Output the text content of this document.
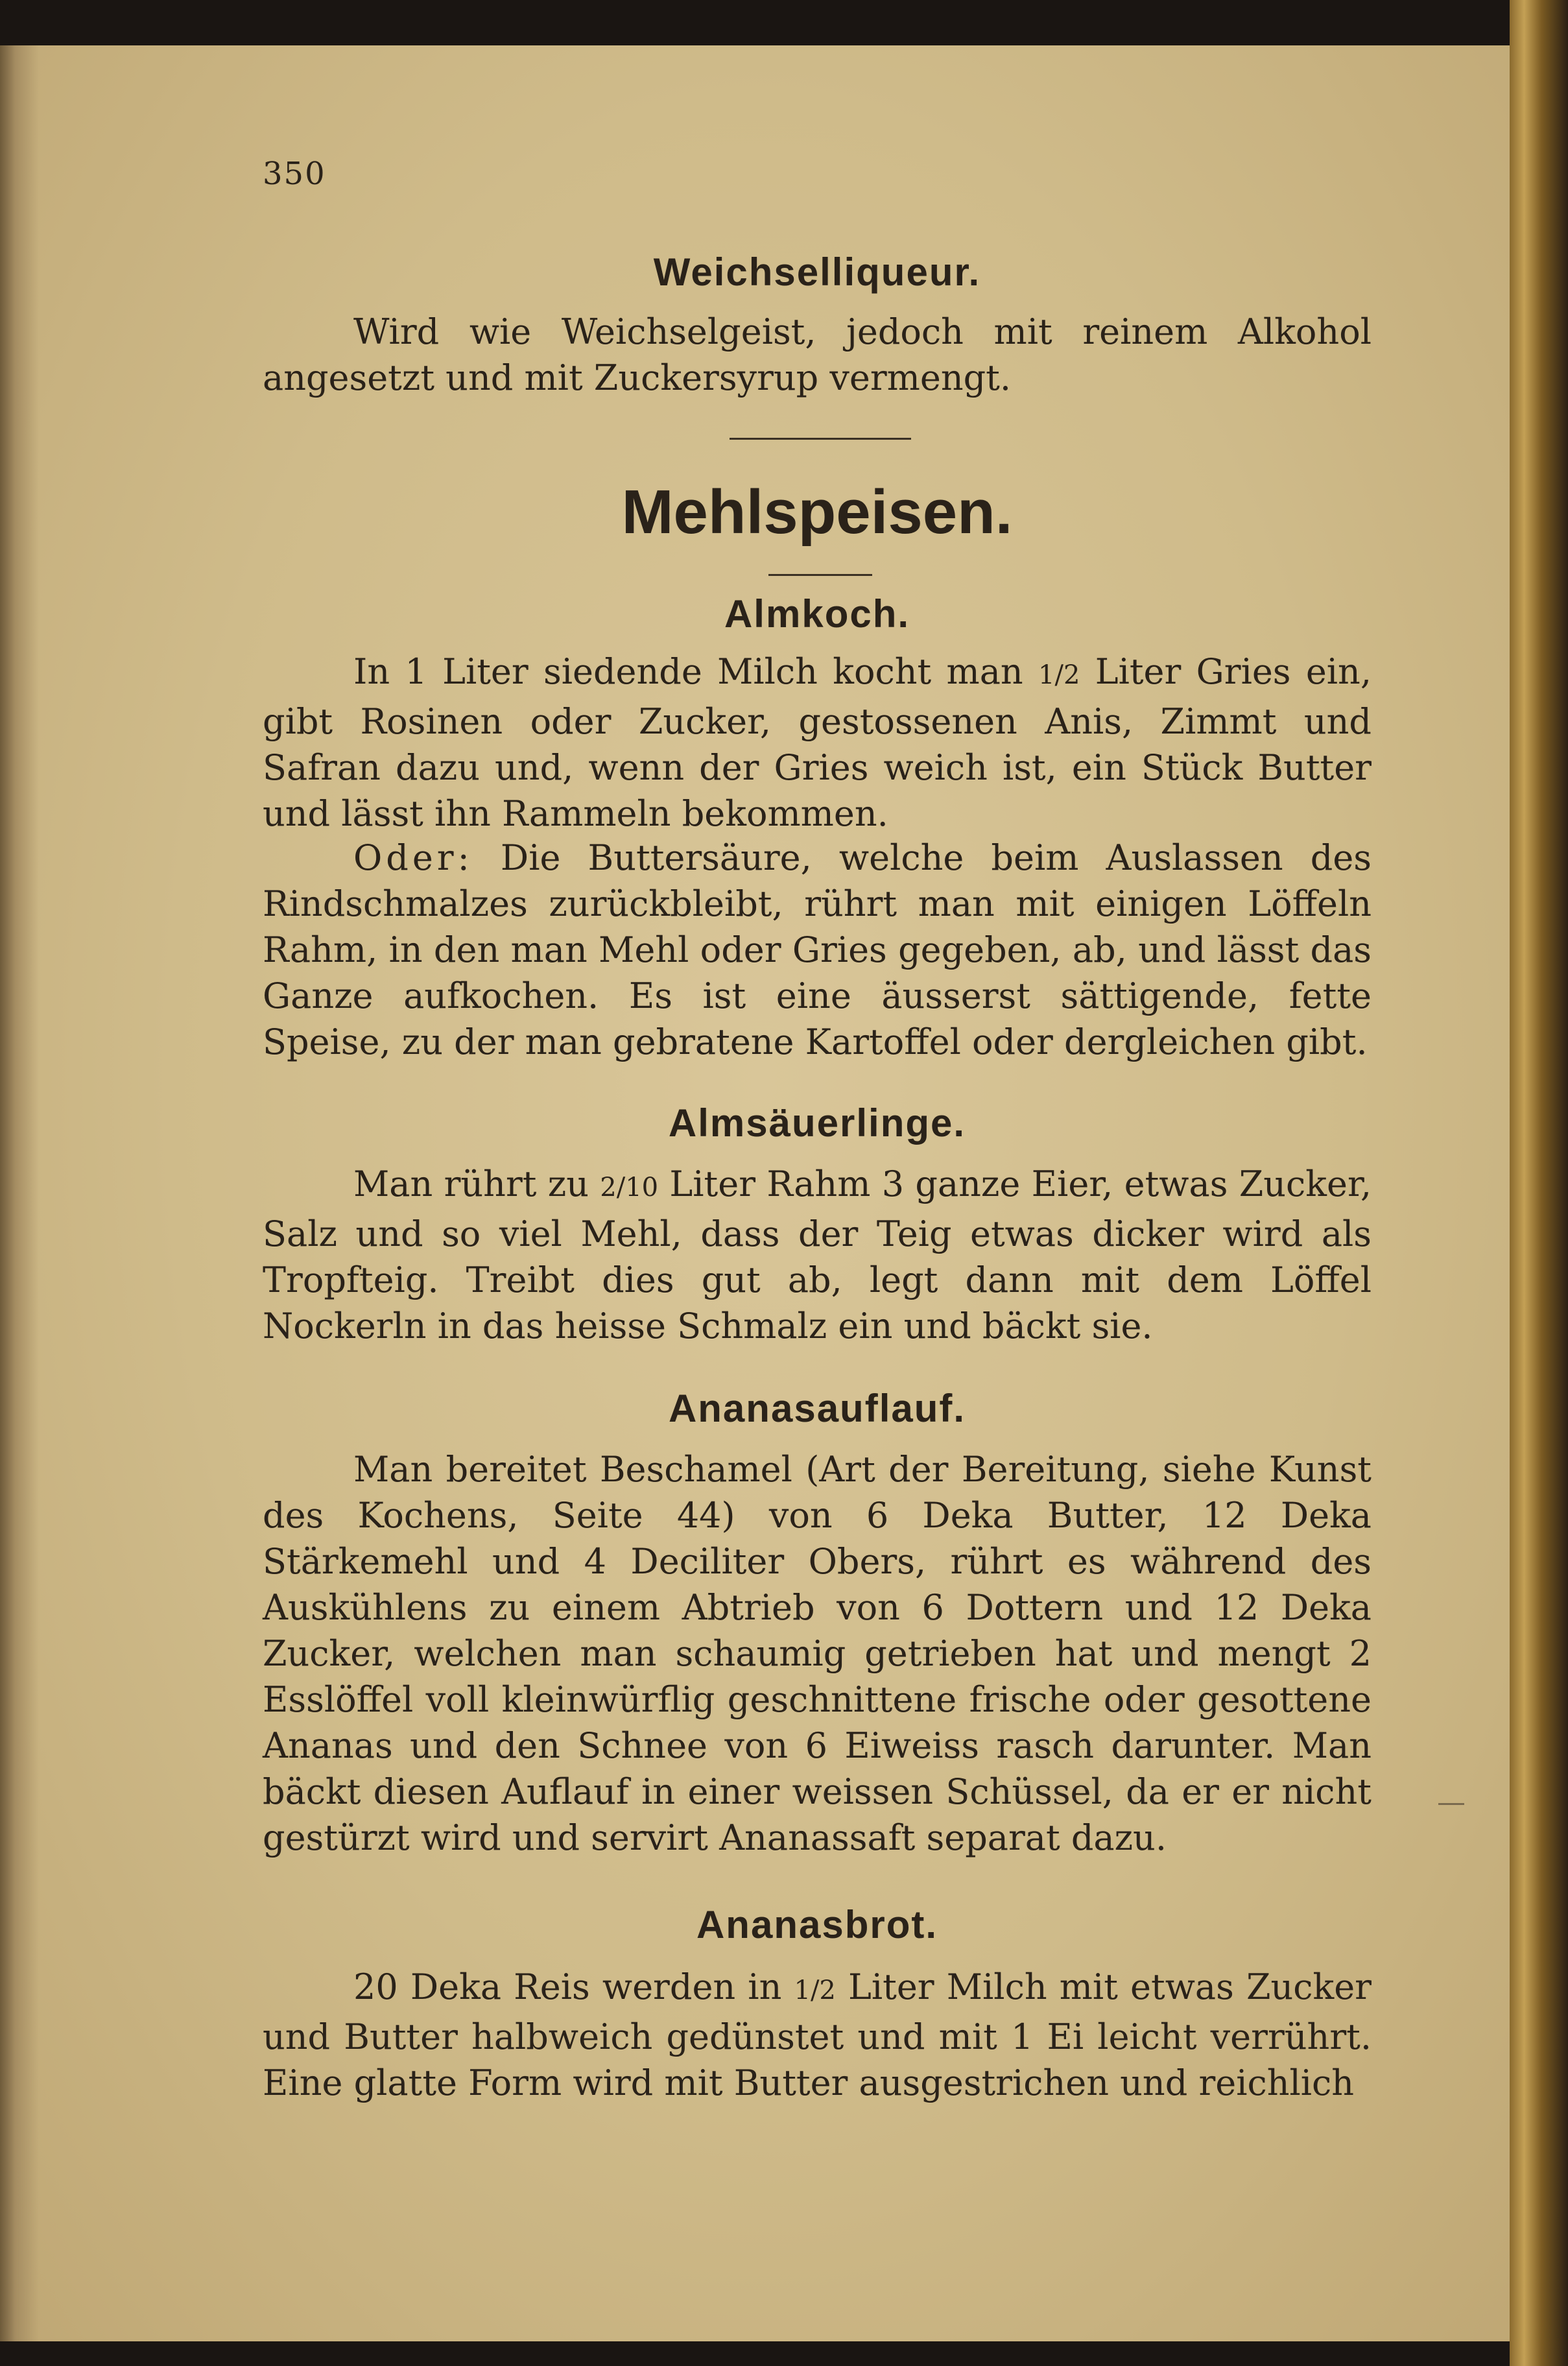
350
Weichselliqueur.

Wird wie Weichselgeist, jedoch mit reinem Alkohol angesetzt und mit Zuckersyrup vermengt.

Mehlspeisen.
Almkoch.

In 1 Liter siedende Milch kocht man 1/2 Liter Gries ein, gibt Rosinen oder Zucker, gestossenen Anis, Zimmt und Safran dazu und, wenn der Gries weich ist, ein Stück Butter und lässt ihn Rammeln bekommen.

Oder: Die Buttersäure, welche beim Auslassen des Rindschmalzes zurückbleibt, rührt man mit einigen Löffeln Rahm, in den man Mehl oder Gries gegeben, ab, und lässt das Ganze aufkochen. Es ist eine äusserst sättigende, fette Speise, zu der man gebratene Kartoffel oder dergleichen gibt.

Almsäuerlinge.

Man rührt zu 2/10 Liter Rahm 3 ganze Eier, etwas Zucker, Salz und so viel Mehl, dass der Teig etwas dicker wird als Tropfteig. Treibt dies gut ab, legt dann mit dem Löffel Nockerln in das heisse Schmalz ein und bäckt sie.

Ananasauflauf.

Man bereitet Beschamel (Art der Bereitung, siehe Kunst des Kochens, Seite 44) von 6 Deka Butter, 12 Deka Stärkemehl und 4 Deciliter Obers, rührt es während des Auskühlens zu einem Abtrieb von 6 Dottern und 12 Deka Zucker, welchen man schaumig getrieben hat und mengt 2 Esslöffel voll kleinwürflig geschnittene frische oder gesottene Ananas und den Schnee von 6 Eiweiss rasch darunter. Man bäckt diesen Auflauf in einer weissen Schüssel, da er er nicht gestürzt wird und servirt Ananassaft separat dazu.

Ananasbrot.

20 Deka Reis werden in 1/2 Liter Milch mit etwas Zucker und Butter halbweich gedünstet und mit 1 Ei leicht verrührt. Eine glatte Form wird mit Butter ausgestrichen und reichlich
